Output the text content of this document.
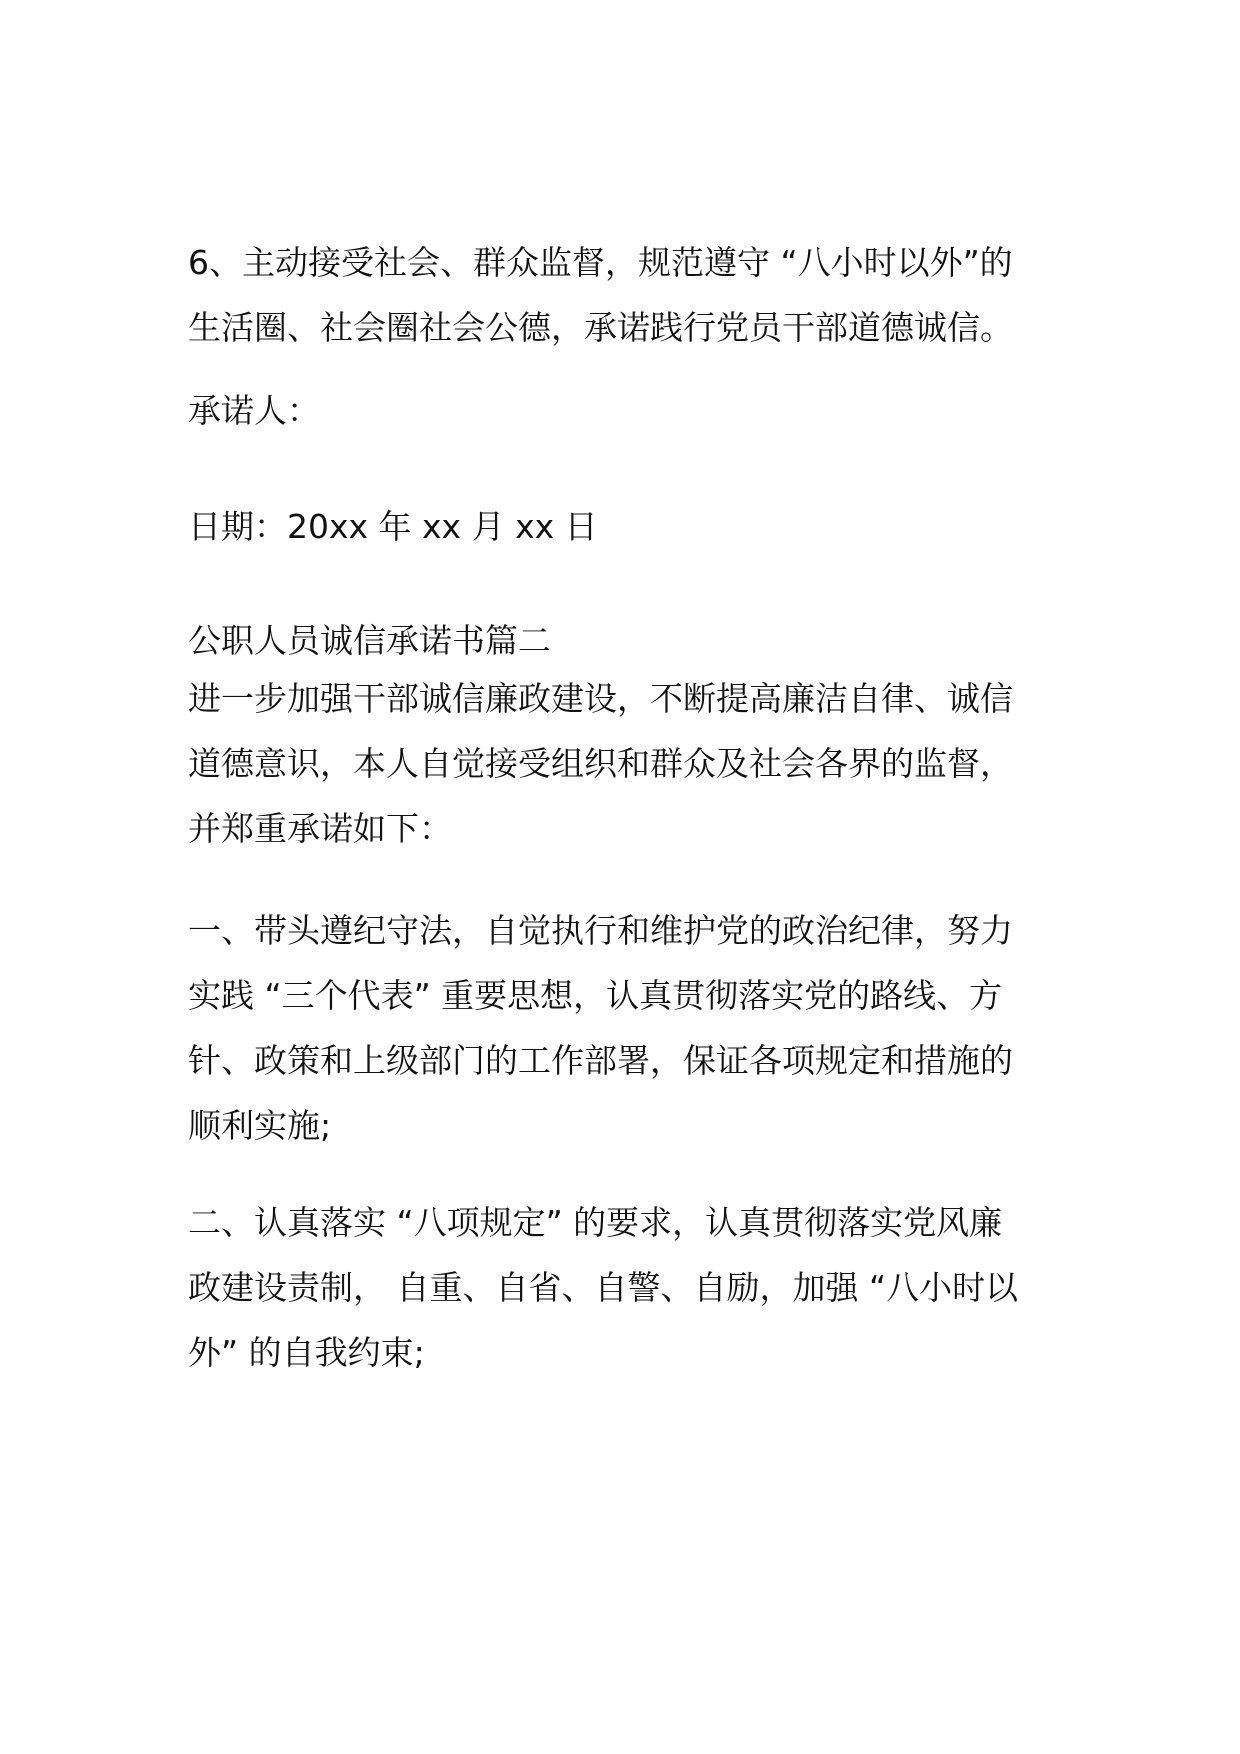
6、主动接受社会、群众监督，规范遵守 “八小时以外”的
生活圈、社会圈社会公德，承诺践行党员干部道德诚信。

承诺人：

日期：20xx 年 xx 月 xx 日

公职人员诚信承诺书篇二

进一步加强干部诚信廉政建设，不断提高廉洁自律、诚信
道德意识，本人自觉接受组织和群众及社会各界的监督，
并郑重承诺如下：

一、带头遵纪守法，自觉执行和维护党的政治纪律，努力
实践 “三个代表” 重要思想，认真贯彻落实党的路线、方
针、政策和上级部门的工作部署，保证各项规定和措施的
顺利实施;

二、认真落实 “八项规定” 的要求，认真贯彻落实党风廉
政建设责制， 自重、自省、自警、自励，加强 “八小时以
外” 的自我约束;
